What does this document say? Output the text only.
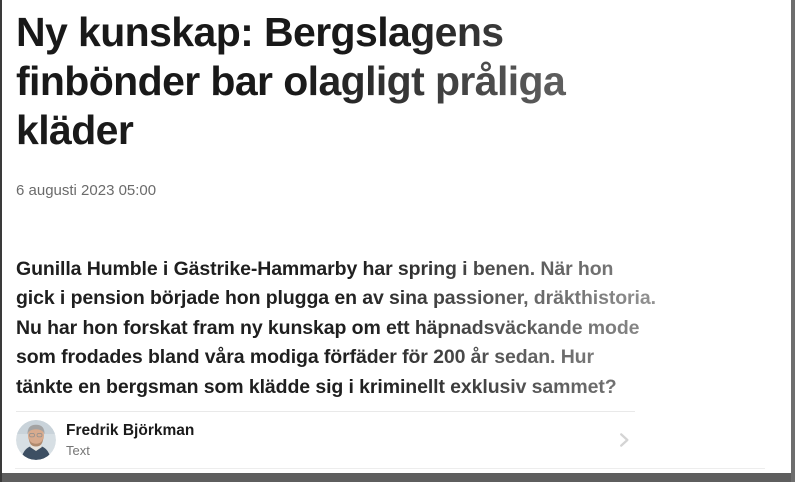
Ny kunskap: Bergslagens
finbönder bar olagligt pråliga
kläder
6 augusti 2023 05:00
Gunilla Humble i Gästrike-Hammarby har spring i benen. När hon
gick i pension började hon plugga en av sina passioner, dräkthistoria.
Nu har hon forskat fram ny kunskap om ett häpnadsväckande mode
som frodades bland våra modiga förfäder för 200 år sedan. Hur
tänkte en bergsman som klädde sig i kriminellt exklusiv sammet?
Fredrik Björkman
Text
